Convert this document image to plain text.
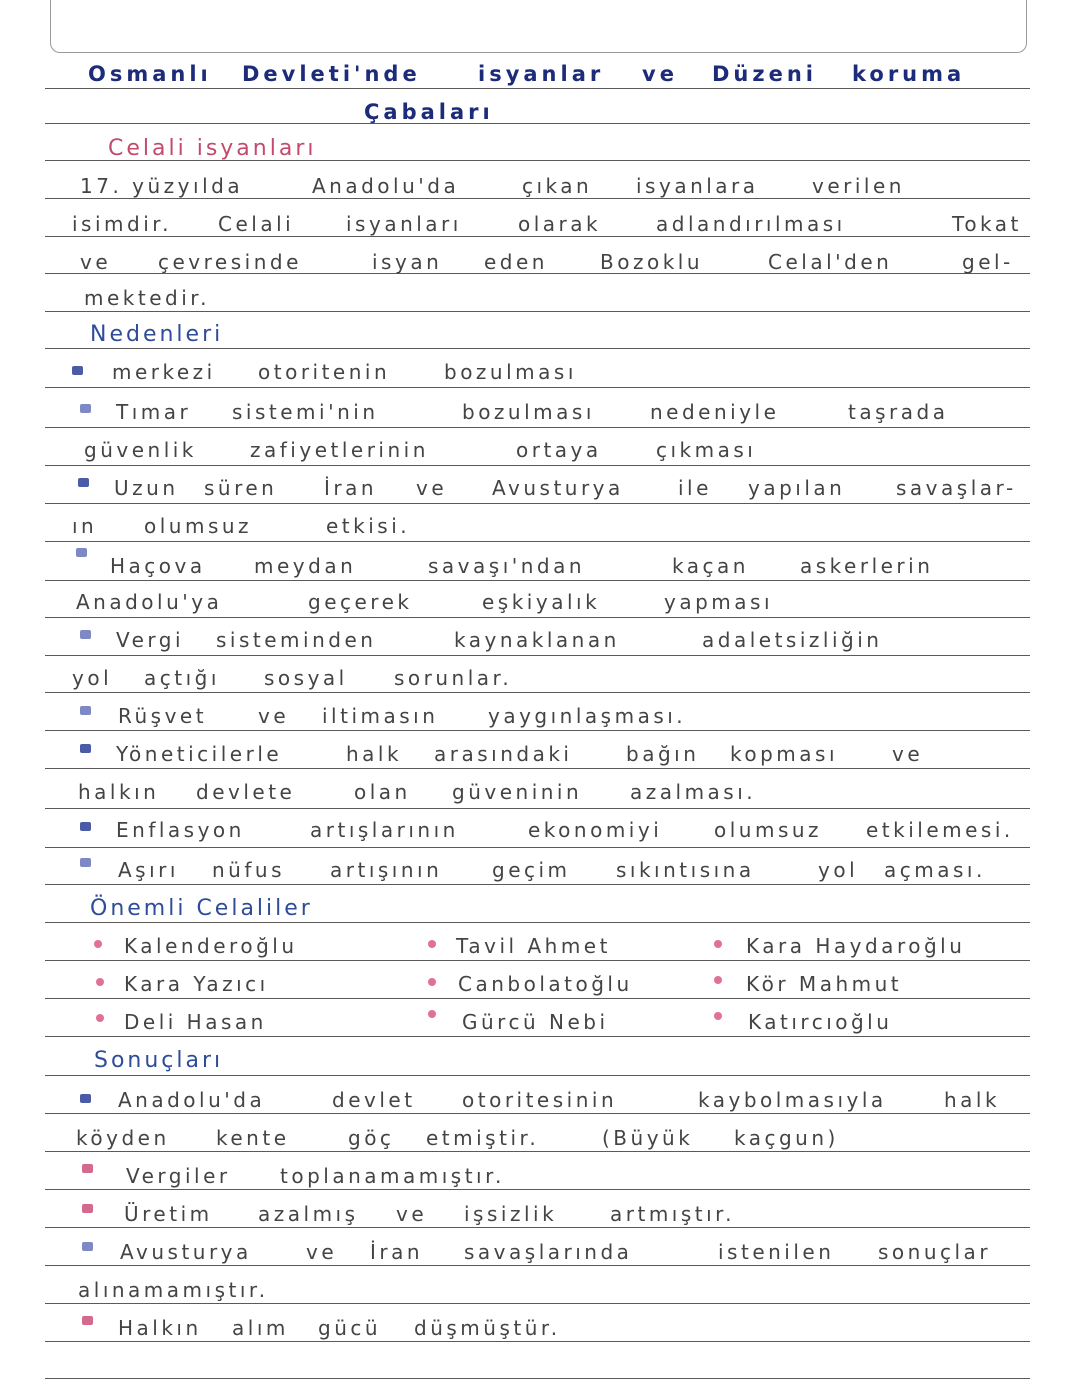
Osmanlı Devleti'nde	isyanlar ve Düzeni koruma
Çabaları
Celali isyanları
17. yüzyılda	Anadolu'da	çıkan isyanlara	verilen
isimdir. Celali	isyanları	olarak	adlandırılması	Tokat
ve çevresinde	isyan eden	Bozoklu	Celal'den	gel-
mektedir.
Nedenleri
merkezi otoritenin	bozulması
Tımar sistemi'nin	bozulması	nedeniyle	taşrada
güvenlik	zafiyetlerinin	ortaya	çıkması
Uzun süren İran ve Avusturya	ile yapılan	savaşlar-
ın olumsuz	etkisi.
Haçova meydan	savaşı'ndan	kaçan	askerlerin
Anadolu'ya	geçerek	eşkiyalık	yapması
Vergi sisteminden	kaynaklanan	adaletsizliğin
yol açtığı sosyal sorunlar.
Rüşvet	ve iltimasın yaygınlaşması.
Yöneticilerle	halk arasındaki	bağın kopması	ve
halkın devlete	olan güveninin azalması.
Enflasyon	artışlarının	ekonomiyi	olumsuz etkilemesi.
Aşırı nüfus artışının geçim sıkıntısına	yol açması.
Önemli Celaliler
Kalenderoğlu	Tavil Ahmet	Kara Haydaroğlu
Kara Yazıcı	Canbolatoğlu	Kör Mahmut
Deli Hasan	Gürcü Nebi	Katırcıoğlu
Sonuçları
Anadolu'da	devlet otoritesinin	kaybolmasıyla	halk
köyden kente	göç etmiştir.	(Büyük kaçgun)
Vergiler toplanamamıştır.
Üretim azalmış ve işsizlik	artmıştır.
Avusturya	ve İran savaşlarında	istenilen sonuçlar
alınamamıştır.
Halkın alım gücü düşmüştür.
